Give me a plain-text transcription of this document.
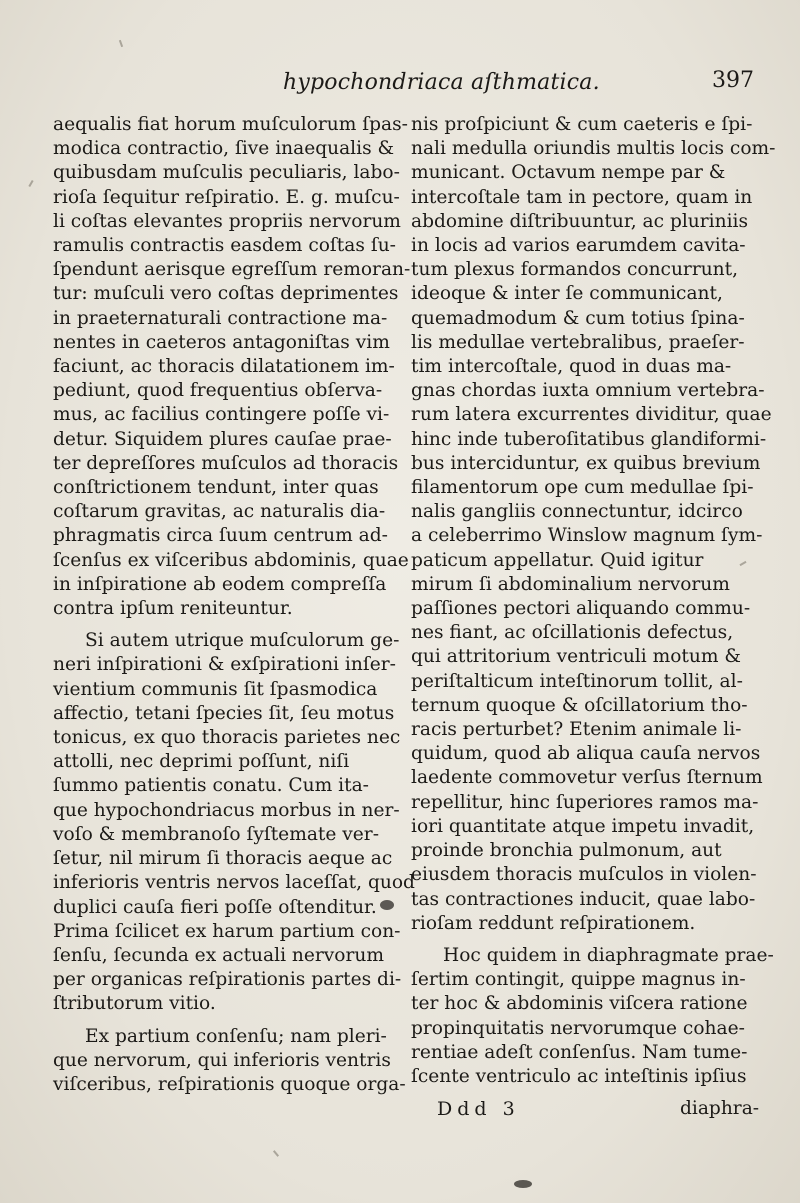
hypochondriaca aſthmatica.	397
aequalis fiat horum muſculorum ſpas-
modica contractio, ſive inaequalis &
quibusdam muſculis peculiaris, labo-
rioſa ſequitur reſpiratio. E. g. muſcu-
li coſtas elevantes propriis nervorum
ramulis contractis easdem coſtas ſu-
ſpendunt aerisque egreſſum remoran-
tur: muſculi vero coſtas deprimentes
in praeternaturali contractione ma-
nentes in caeteros antagoniſtas vim
faciunt, ac thoracis dilatationem im-
pediunt, quod frequentius obſerva-
mus, ac facilius contingere poſſe vi-
detur. Siquidem plures cauſae prae-
ter depreſſores muſculos ad thoracis
conſtrictionem tendunt, inter quas
coſtarum gravitas, ac naturalis dia-
phragmatis circa ſuum centrum ad-
ſcenſus ex viſceribus abdominis, quae
in inſpiratione ab eodem compreſſa
contra ipſum reniteuntur.
Si autem utrique muſculorum ge-
neri inſpirationi & exſpirationi inſer-
vientium communis ſit ſpasmodica
affectio, tetani ſpecies ſit, ſeu motus
tonicus, ex quo thoracis parietes nec
attolli, nec deprimi poſſunt, niſi
ſummo patientis conatu. Cum ita-
que hypochondriacus morbus in ner-
voſo & membranoſo ſyſtemate ver-
ſetur, nil mirum ſi thoracis aeque ac
inferioris ventris nervos laceſſat, quod
duplici cauſa fieri poſſe oſtenditur.
Prima ſcilicet ex harum partium con-
ſenſu, ſecunda ex actuali nervorum
per organicas reſpirationis partes di-
ſtributorum vitio.
Ex partium conſenſu; nam pleri-
que nervorum, qui inferioris ventris
viſceribus, reſpirationis quoque orga-
nis proſpiciunt & cum caeteris e ſpi-
nali medulla oriundis multis locis com-
municant. Octavum nempe par &
intercoſtale tam in pectore, quam in
abdomine diſtribuuntur, ac pluriniis
in locis ad varios earumdem cavita-
tum plexus formandos concurrunt,
ideoque & inter ſe communicant,
quemadmodum & cum totius ſpina-
lis medullae vertebralibus, praeſer-
tim intercoſtale, quod in duas ma-
gnas chordas iuxta omnium vertebra-
rum latera excurrentes dividitur, quae
hinc inde tuberoſitatibus glandiformi-
bus interciduntur, ex quibus brevium
filamentorum ope cum medullae ſpi-
nalis gangliis connectuntur, idcirco
a celeberrimo Winslow magnum ſym-
paticum appellatur. Quid igitur
mirum ſi abdominalium nervorum
paſſiones pectori aliquando commu-
nes fiant, ac oſcillationis defectus,
qui attritorium ventriculi motum &
periſtalticum inteſtinorum tollit, al-
ternum quoque & oſcillatorium tho-
racis perturbet? Etenim animale li-
quidum, quod ab aliqua cauſa nervos
laedente commovetur verſus ſternum
repellitur, hinc ſuperiores ramos ma-
iori quantitate atque impetu invadit,
proinde bronchia pulmonum, aut
eiusdem thoracis muſculos in violen-
tas contractiones inducit, quae labo-
rioſam reddunt reſpirationem.
Hoc quidem in diaphragmate prae-
ſertim contingit, quippe magnus in-
ter hoc & abdominis viſcera ratione
propinquitatis nervorumque cohae-
rentiae adeſt conſenſus. Nam tume-
ſcente ventriculo ac inteſtinis ipſius
Ddd 3	diaphra-
